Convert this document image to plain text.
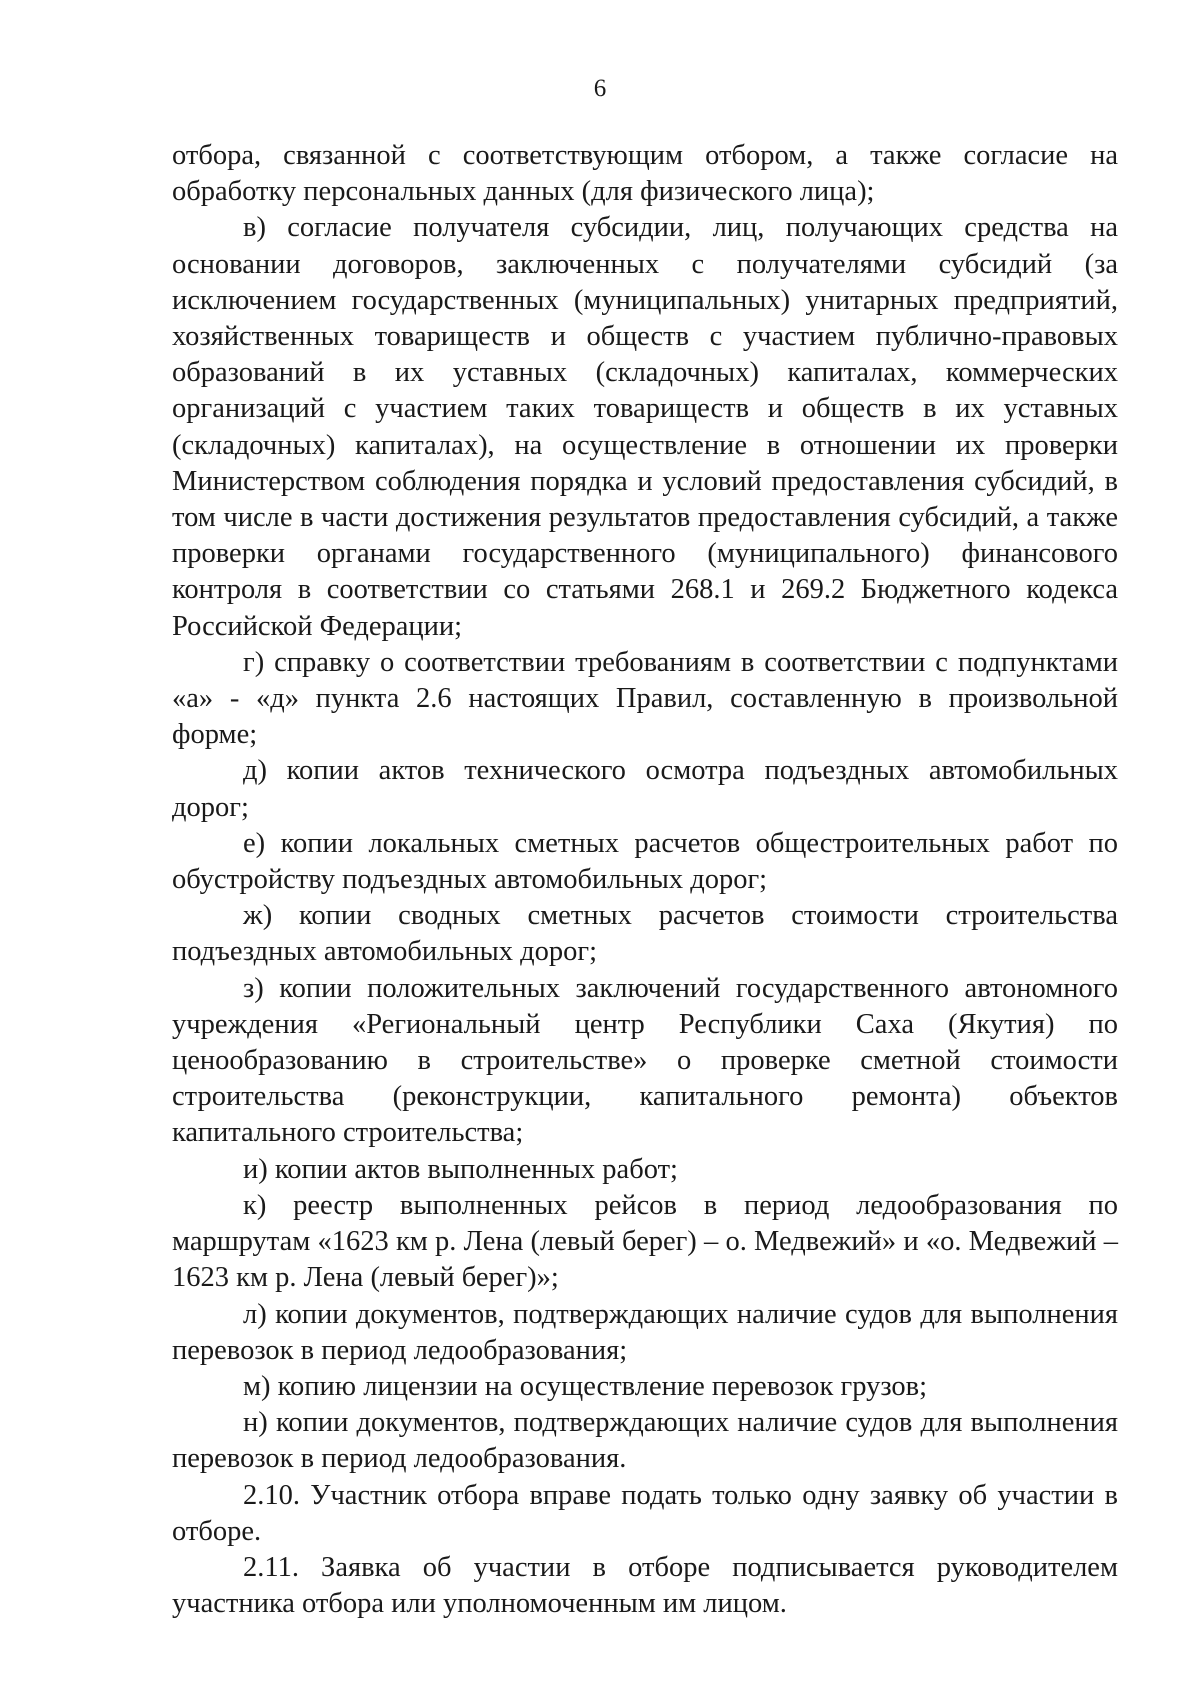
6

отбора, связанной с соответствующим отбором, а также согласие на обработку персональных данных (для физического лица);

в) согласие получателя субсидии, лиц, получающих средства на основании договоров, заключенных с получателями субсидий (за исключением государственных (муниципальных) унитарных предприятий, хозяйственных товариществ и обществ с участием публично-правовых образований в их уставных (складочных) капиталах, коммерческих организаций с участием таких товариществ и обществ в их уставных (складочных) капиталах), на осуществление в отношении их проверки Министерством соблюдения порядка и условий предоставления субсидий, в том числе в части достижения результатов предоставления субсидий, а также проверки органами государственного (муниципального) финансового контроля в соответствии со статьями 268.1 и 269.2 Бюджетного кодекса Российской Федерации;

г) справку о соответствии требованиям в соответствии с подпунктами «а» - «д» пункта 2.6 настоящих Правил, составленную в произвольной форме;

д) копии актов технического осмотра подъездных автомобильных дорог;

е) копии локальных сметных расчетов общестроительных работ по обустройству подъездных автомобильных дорог;

ж) копии сводных сметных расчетов стоимости строительства подъездных автомобильных дорог;

з) копии положительных заключений государственного автономного учреждения «Региональный центр Республики Саха (Якутия) по ценообразованию в строительстве» о проверке сметной стоимости строительства (реконструкции, капитального ремонта) объектов капитального строительства;

и) копии актов выполненных работ;

к) реестр выполненных рейсов в период ледообразования по маршрутам «1623 км р. Лена (левый берег) – о. Медвежий» и «о. Медвежий – 1623 км р. Лена (левый берег)»;

л) копии документов, подтверждающих наличие судов для выполнения перевозок в период ледообразования;

м) копию лицензии на осуществление перевозок грузов;

н) копии документов, подтверждающих наличие судов для выполнения перевозок в период ледообразования.

2.10. Участник отбора вправе подать только одну заявку об участии в отборе.

2.11. Заявка об участии в отборе подписывается руководителем участника отбора или уполномоченным им лицом.
